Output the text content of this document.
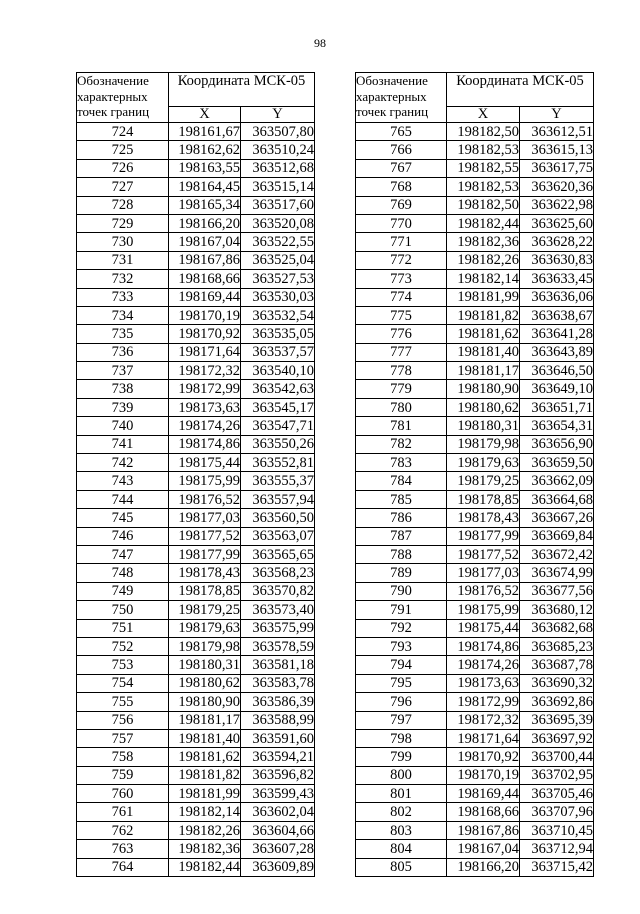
98
Обозначение характерных точек границ	Координата МСК-05	
	X	Y
724	198161,67	363507,80
725	198162,62	363510,24
726	198163,55	363512,68
727	198164,45	363515,14
728	198165,34	363517,60
729	198166,20	363520,08
730	198167,04	363522,55
731	198167,86	363525,04
732	198168,66	363527,53
733	198169,44	363530,03
734	198170,19	363532,54
735	198170,92	363535,05
736	198171,64	363537,57
737	198172,32	363540,10
738	198172,99	363542,63
739	198173,63	363545,17
740	198174,26	363547,71
741	198174,86	363550,26
742	198175,44	363552,81
743	198175,99	363555,37
744	198176,52	363557,94
745	198177,03	363560,50
746	198177,52	363563,07
747	198177,99	363565,65
748	198178,43	363568,23
749	198178,85	363570,82
750	198179,25	363573,40
751	198179,63	363575,99
752	198179,98	363578,59
753	198180,31	363581,18
754	198180,62	363583,78
755	198180,90	363586,39
756	198181,17	363588,99
757	198181,40	363591,60
758	198181,62	363594,21
759	198181,82	363596,82
760	198181,99	363599,43
761	198182,14	363602,04
762	198182,26	363604,66
763	198182,36	363607,28
764	198182,44	363609,89
Обозначение характерных точек границ	Координата МСК-05	
	X	Y
765	198182,50	363612,51
766	198182,53	363615,13
767	198182,55	363617,75
768	198182,53	363620,36
769	198182,50	363622,98
770	198182,44	363625,60
771	198182,36	363628,22
772	198182,26	363630,83
773	198182,14	363633,45
774	198181,99	363636,06
775	198181,82	363638,67
776	198181,62	363641,28
777	198181,40	363643,89
778	198181,17	363646,50
779	198180,90	363649,10
780	198180,62	363651,71
781	198180,31	363654,31
782	198179,98	363656,90
783	198179,63	363659,50
784	198179,25	363662,09
785	198178,85	363664,68
786	198178,43	363667,26
787	198177,99	363669,84
788	198177,52	363672,42
789	198177,03	363674,99
790	198176,52	363677,56
791	198175,99	363680,12
792	198175,44	363682,68
793	198174,86	363685,23
794	198174,26	363687,78
795	198173,63	363690,32
796	198172,99	363692,86
797	198172,32	363695,39
798	198171,64	363697,92
799	198170,92	363700,44
800	198170,19	363702,95
801	198169,44	363705,46
802	198168,66	363707,96
803	198167,86	363710,45
804	198167,04	363712,94
805	198166,20	363715,42
